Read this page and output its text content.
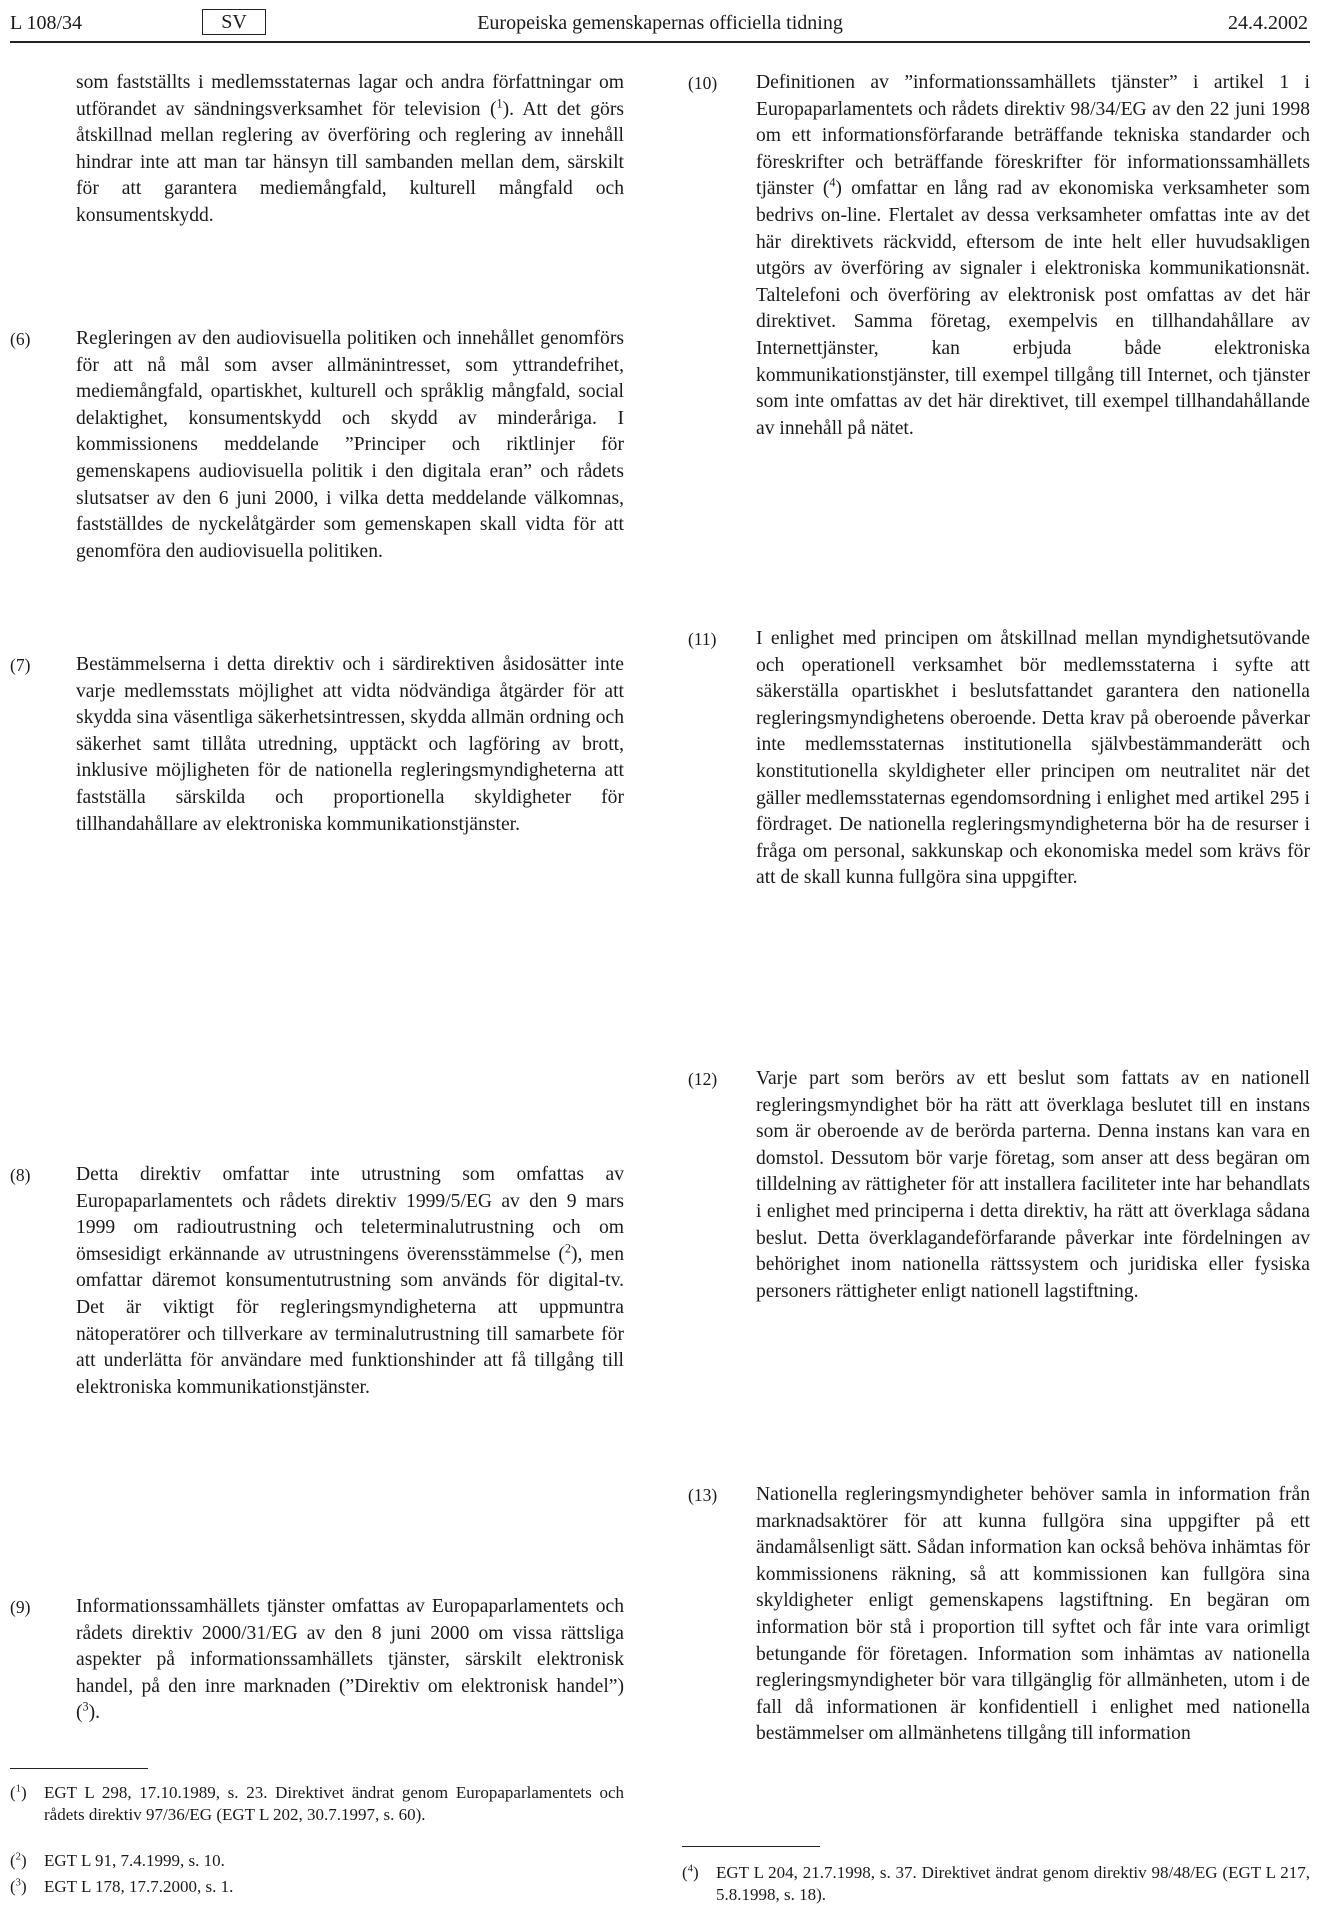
L 108/34	SV	Europeiska gemenskapernas officiella tidning	24.4.2002
som fastställts i medlemsstaternas lagar och andra författningar om utförandet av sändningsverksamhet för television ($^1$). Att det görs åtskillnad mellan reglering av överföring och reglering av innehåll hindrar inte att man tar hänsyn till sambanden mellan dem, särskilt för att garantera mediemångfald, kulturell mångfald och konsumentskydd.
(6)	Regleringen av den audiovisuella politiken och innehållet genomförs för att nå mål som avser allmänintresset, som yttrandefrihet, mediemångfald, opartiskhet, kulturell och språklig mångfald, social delaktighet, konsumentskydd och skydd av minderåriga. I kommissionens meddelande ”Principer och riktlinjer för gemenskapens audiovisuella politik i den digitala eran” och rådets slutsatser av den 6 juni 2000, i vilka detta meddelande välkomnas, fastställdes de nyckelåtgärder som gemenskapen skall vidta för att genomföra den audiovisuella politiken.
(7)	Bestämmelserna i detta direktiv och i särdirektiven åsidosätter inte varje medlemsstats möjlighet att vidta nödvändiga åtgärder för att skydda sina väsentliga säkerhetsintressen, skydda allmän ordning och säkerhet samt tillåta utredning, upptäckt och lagföring av brott, inklusive möjligheten för de nationella regleringsmyndigheterna att fastställa särskilda och proportionella skyldigheter för tillhandahållare av elektroniska kommunikationstjänster.
(8)	Detta direktiv omfattar inte utrustning som omfattas av Europaparlamentets och rådets direktiv 1999/5/EG av den 9 mars 1999 om radioutrustning och teleterminalutrustning och om ömsesidigt erkännande av utrustningens överensstämmelse ($^2$), men omfattar däremot konsumentutrustning som används för digital-tv. Det är viktigt för regleringsmyndigheterna att uppmuntra nätoperatörer och tillverkare av terminalutrustning till samarbete för att underlätta för användare med funktionshinder att få tillgång till elektroniska kommunikationstjänster.
(9)	Informationssamhällets tjänster omfattas av Europaparlamentets och rådets direktiv 2000/31/EG av den 8 juni 2000 om vissa rättsliga aspekter på informationssamhällets tjänster, särskilt elektronisk handel, på den inre marknaden (”Direktiv om elektronisk handel”) ($^3$).
($^1$) EGT L 298, 17.10.1989, s. 23. Direktivet ändrat genom Europaparlamentets och rådets direktiv 97/36/EG (EGT L 202, 30.7.1997, s. 60).
($^2$) EGT L 91, 7.4.1999, s. 10.
($^3$) EGT L 178, 17.7.2000, s. 1.
(10)	Definitionen av ”informationssamhällets tjänster” i artikel 1 i Europaparlamentets och rådets direktiv 98/34/EG av den 22 juni 1998 om ett informationsförfarande beträffande tekniska standarder och föreskrifter och beträffande föreskrifter för informationssamhällets tjänster ($^4$) omfattar en lång rad av ekonomiska verksamheter som bedrivs on-line. Flertalet av dessa verksamheter omfattas inte av det här direktivets räckvidd, eftersom de inte helt eller huvudsakligen utgörs av överföring av signaler i elektroniska kommunikationsnät. Taltelefoni och överföring av elektronisk post omfattas av det här direktivet. Samma företag, exempelvis en tillhandahållare av Internettjänster, kan erbjuda både elektroniska kommunikationstjänster, till exempel tillgång till Internet, och tjänster som inte omfattas av det här direktivet, till exempel tillhandahållande av innehåll på nätet.
(11)	I enlighet med principen om åtskillnad mellan myndighetsutövande och operationell verksamhet bör medlemsstaterna i syfte att säkerställa opartiskhet i beslutsfattandet garantera den nationella regleringsmyndighetens oberoende. Detta krav på oberoende påverkar inte medlemsstaternas institutionella självbestämmanderätt och konstitutionella skyldigheter eller principen om neutralitet när det gäller medlemsstaternas egendomsordning i enlighet med artikel 295 i fördraget. De nationella regleringsmyndigheterna bör ha de resurser i fråga om personal, sakkunskap och ekonomiska medel som krävs för att de skall kunna fullgöra sina uppgifter.
(12)	Varje part som berörs av ett beslut som fattats av en nationell regleringsmyndighet bör ha rätt att överklaga beslutet till en instans som är oberoende av de berörda parterna. Denna instans kan vara en domstol. Dessutom bör varje företag, som anser att dess begäran om tilldelning av rättigheter för att installera faciliteter inte har behandlats i enlighet med principerna i detta direktiv, ha rätt att överklaga sådana beslut. Detta överklagandeförfarande påverkar inte fördelningen av behörighet inom nationella rättssystem och juridiska eller fysiska personers rättigheter enligt nationell lagstiftning.
(13)	Nationella regleringsmyndigheter behöver samla in information från marknadsaktörer för att kunna fullgöra sina uppgifter på ett ändamålsenligt sätt. Sådan information kan också behöva inhämtas för kommissionens räkning, så att kommissionen kan fullgöra sina skyldigheter enligt gemenskapens lagstiftning. En begäran om information bör stå i proportion till syftet och får inte vara orimligt betungande för företagen. Information som inhämtas av nationella regleringsmyndigheter bör vara tillgänglig för allmänheten, utom i de fall då informationen är konfidentiell i enlighet med nationella bestämmelser om allmänhetens tillgång till information
($^4$) EGT L 204, 21.7.1998, s. 37. Direktivet ändrat genom direktiv 98/48/EG (EGT L 217, 5.8.1998, s. 18).
